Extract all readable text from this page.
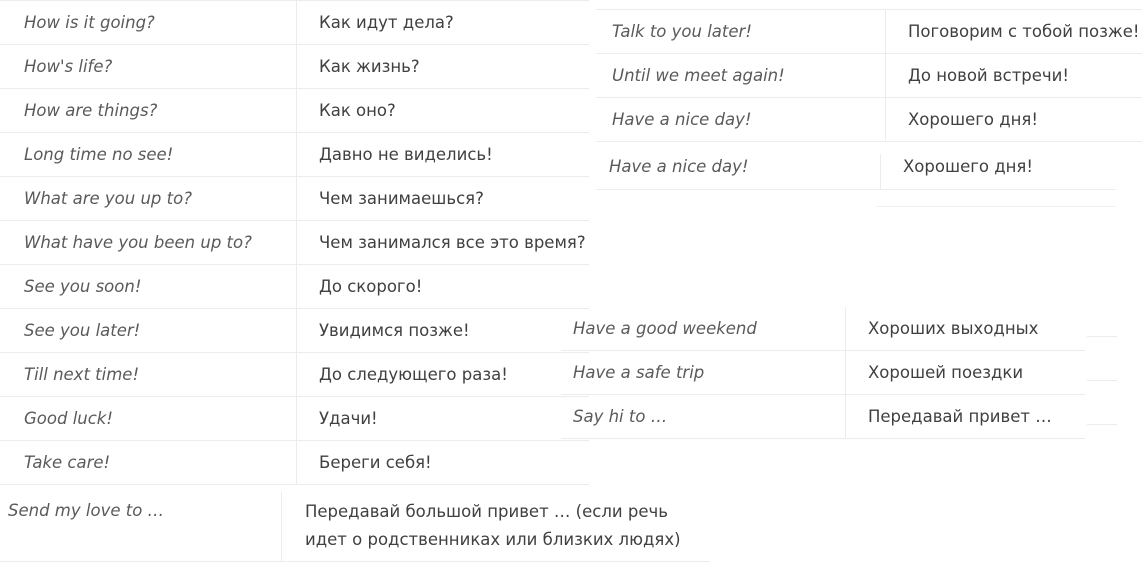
How is it going?	Как идут дела?
How's life?	Как жизнь?
How are things?	Как оно?
Long time no see!	Давно не виделись!
What are you up to?	Чем занимаешься?
What have you been up to?	Чем занимался все это время?
See you soon!	До скорого!
See you later!	Увидимся позже!
Till next time!	До следующего раза!
Good luck!	Удачи!
Take care!	Береги себя!
Talk to you later!	Поговорим с тобой позже!
Until we meet again!	До новой встречи!
Have a nice day!	Хорошего дня!
Have a nice day!	Хорошего дня!
Have a good weekend	Хороших выходных
Have a safe trip	Хорошей поездки
Say hi to …	Передавай привет …
Send my love to …	Передавай большой привет … (если речь идет о родственниках или близких людях)
